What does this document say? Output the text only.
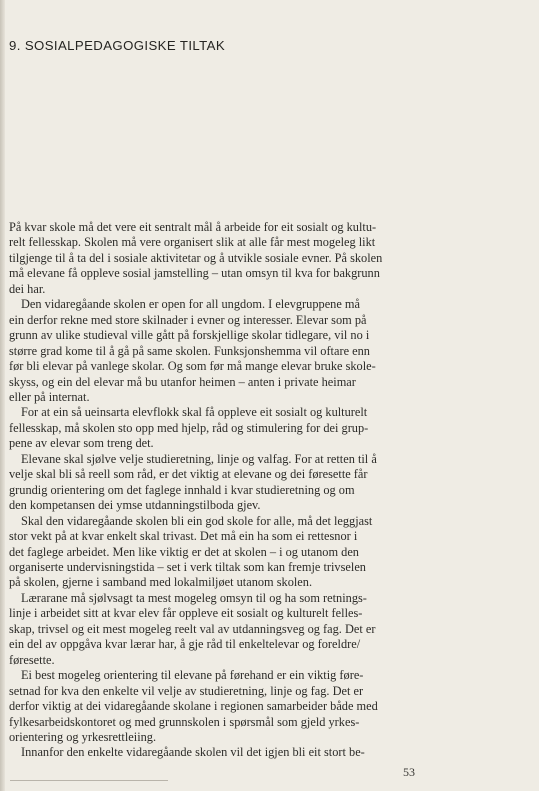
9. SOSIALPEDAGOGISKE TILTAK
På kvar skole må det vere eit sentralt mål å arbeide for eit sosialt og kultu-
relt fellesskap. Skolen må vere organisert slik at alle får mest mogeleg likt
tilgjenge til å ta del i sosiale aktivitetar og å utvikle sosiale evner. På skolen
må elevane få oppleve sosial jamstelling – utan omsyn til kva for bakgrunn
dei har.
Den vidaregåande skolen er open for all ungdom. I elevgruppene må
ein derfor rekne med store skilnader i evner og interesser. Elevar som på
grunn av ulike studieval ville gått på forskjellige skolar tidlegare, vil no i
større grad kome til å gå på same skolen. Funksjonshemma vil oftare enn
før bli elevar på vanlege skolar. Og som før må mange elevar bruke skole-
skyss, og ein del elevar må bu utanfor heimen – anten i private heimar
eller på internat.
For at ein så ueinsarta elevflokk skal få oppleve eit sosialt og kulturelt
fellesskap, må skolen sto opp med hjelp, råd og stimulering for dei grup-
pene av elevar som treng det.
Elevane skal sjølve velje studieretning, linje og valfag. For at retten til å
velje skal bli så reell som råd, er det viktig at elevane og dei føresette får
grundig orientering om det faglege innhald i kvar studieretning og om
den kompetansen dei ymse utdanningstilboda gjev.
Skal den vidaregåande skolen bli ein god skole for alle, må det leggjast
stor vekt på at kvar enkelt skal trivast. Det må ein ha som ei rettesnor i
det faglege arbeidet. Men like viktig er det at skolen – i og utanom den
organiserte undervisningstida – set i verk tiltak som kan fremje trivselen
på skolen, gjerne i samband med lokalmiljøet utanom skolen.
Lærarane må sjølvsagt ta mest mogeleg omsyn til og ha som retnings-
linje i arbeidet sitt at kvar elev får oppleve eit sosialt og kulturelt felles-
skap, trivsel og eit mest mogeleg reelt val av utdanningsveg og fag. Det er
ein del av oppgåva kvar lærar har, å gje råd til enkeltelevar og foreldre/
føresette.
Ei best mogeleg orientering til elevane på førehand er ein viktig føre-
setnad for kva den enkelte vil velje av studieretning, linje og fag. Det er
derfor viktig at dei vidaregåande skolane i regionen samarbeider både med
fylkesarbeidskontoret og med grunnskolen i spørsmål som gjeld yrkes-
orientering og yrkesrettleiing.
Innanfor den enkelte vidaregåande skolen vil det igjen bli eit stort be-
53
